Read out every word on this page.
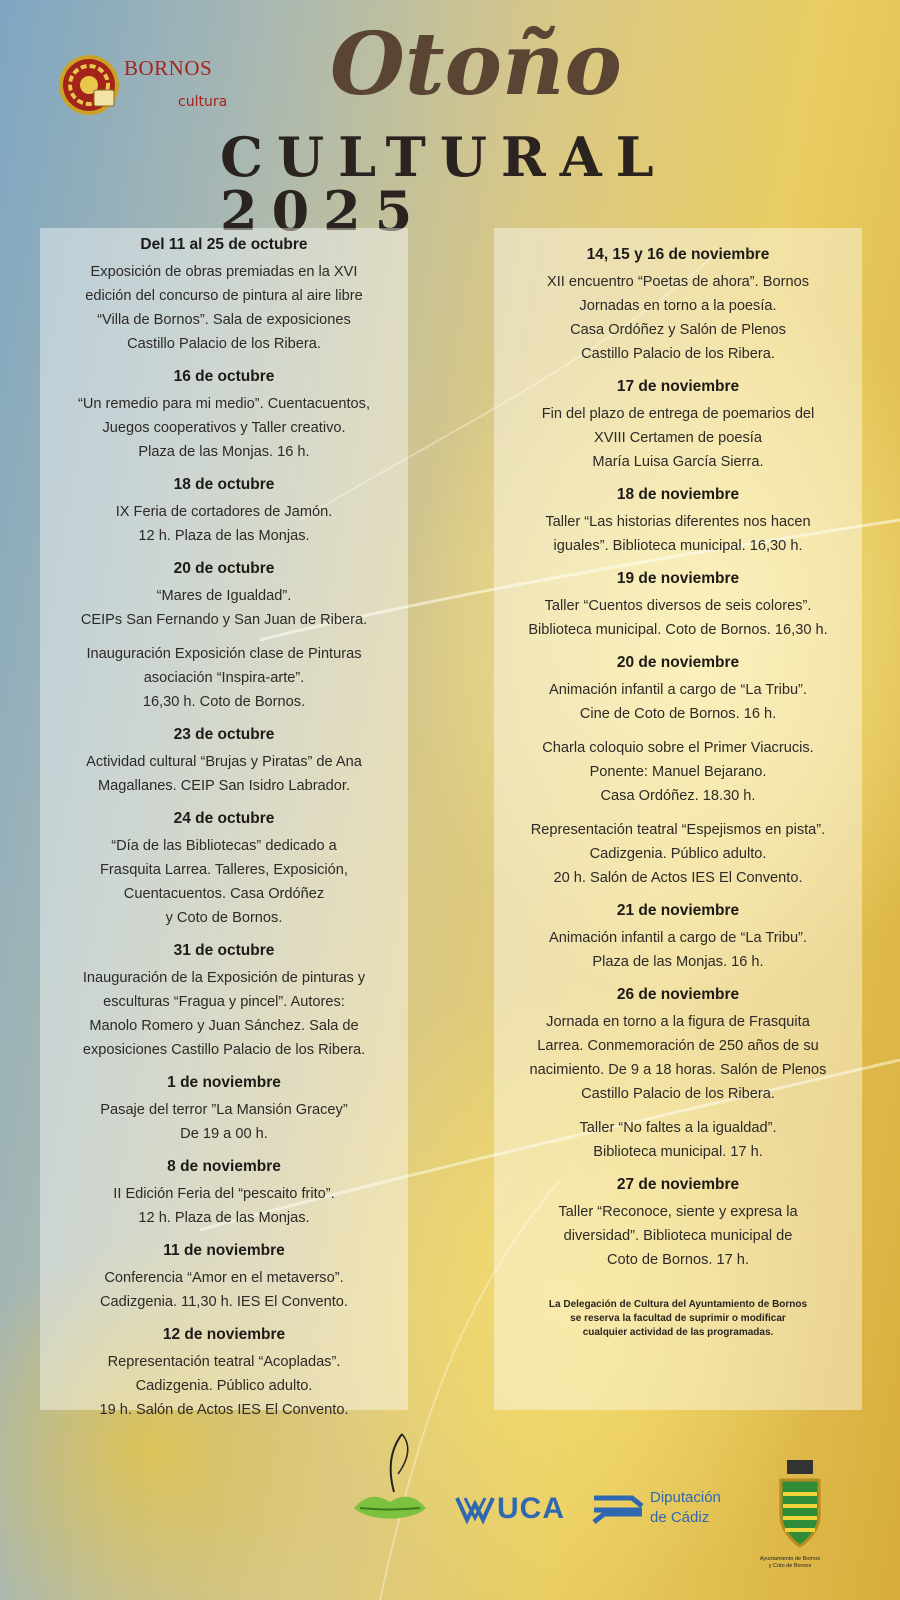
BORNOS
cultura Otoño
CULTURAL 2025
Del 11 al 25 de octubre

Exposición de obras premiadas en la XVI
edición del concurso de pintura al aire libre
“Villa de Bornos”. Sala de exposiciones
Castillo Palacio de los Ribera.

16 de octubre

“Un remedio para mi medio”. Cuentacuentos,
Juegos cooperativos y Taller creativo.
Plaza de las Monjas. 16 h.

18 de octubre

IX Feria de cortadores de Jamón.
12 h. Plaza de las Monjas.

20 de octubre

“Mares de Igualdad”.
CEIPs San Fernando y San Juan de Ribera.

Inauguración Exposición clase de Pinturas
asociación “Inspira-arte”.
16,30 h. Coto de Bornos.

23 de octubre

Actividad cultural “Brujas y Piratas” de Ana
Magallanes. CEIP San Isidro Labrador.

24 de octubre

“Día de las Bibliotecas” dedicado a
Frasquita Larrea. Talleres, Exposición,
Cuentacuentos. Casa Ordóñez
y Coto de Bornos.

31 de octubre

Inauguración de la Exposición de pinturas y
esculturas “Fragua y pincel”. Autores:
Manolo Romero y Juan Sánchez. Sala de
exposiciones Castillo Palacio de los Ribera.

1 de noviembre

Pasaje del terror ”La Mansión Gracey”
De 19 a 00 h.

8 de noviembre

II Edición Feria del “pescaito frito”.
12 h. Plaza de las Monjas.

11 de noviembre

Conferencia “Amor en el metaverso”.
Cadizgenia. 11,30 h. IES El Convento.

12 de noviembre

Representación teatral “Acopladas”.
Cadizgenia. Público adulto.
19 h. Salón de Actos IES El Convento.

14, 15 y 16 de noviembre

XII encuentro “Poetas de ahora”. Bornos
Jornadas en torno a la poesía.
Casa Ordóñez y Salón de Plenos
Castillo Palacio de los Ribera.

17 de noviembre

Fin del plazo de entrega de poemarios del
XVIII Certamen de poesía
María Luisa García Sierra.

18 de noviembre

Taller “Las historias diferentes nos hacen
iguales”. Biblioteca municipal. 16,30 h.

19 de noviembre

Taller “Cuentos diversos de seis colores”.
Biblioteca municipal. Coto de Bornos. 16,30 h.

20 de noviembre

Animación infantil a cargo de “La Tribu”.
Cine de Coto de Bornos. 16 h.

Charla coloquio sobre el Primer Viacrucis.
Ponente: Manuel Bejarano.
Casa Ordóñez. 18.30 h.

Representación teatral “Espejismos en pista”.
Cadizgenia. Público adulto.
20 h. Salón de Actos IES El Convento.

21 de noviembre

Animación infantil a cargo de “La Tribu”.
Plaza de las Monjas. 16 h.

26 de noviembre

Jornada en torno a la figura de Frasquita
Larrea. Conmemoración de 250 años de su
nacimiento. De 9 a 18 horas. Salón de Plenos
Castillo Palacio de los Ribera.

Taller “No faltes a la igualdad”.
Biblioteca municipal. 17 h.

27 de noviembre

Taller “Reconoce, siente y expresa la
diversidad”. Biblioteca municipal de
Coto de Bornos. 17 h.

La Delegación de Cultura del Ayuntamiento de Bornos
se reserva la facultad de suprimir o modificar
cualquier actividad de las programadas.
UCA	Diputación
de Cádiz
Ayuntamiento de Bornos
y Coto de Bornos
